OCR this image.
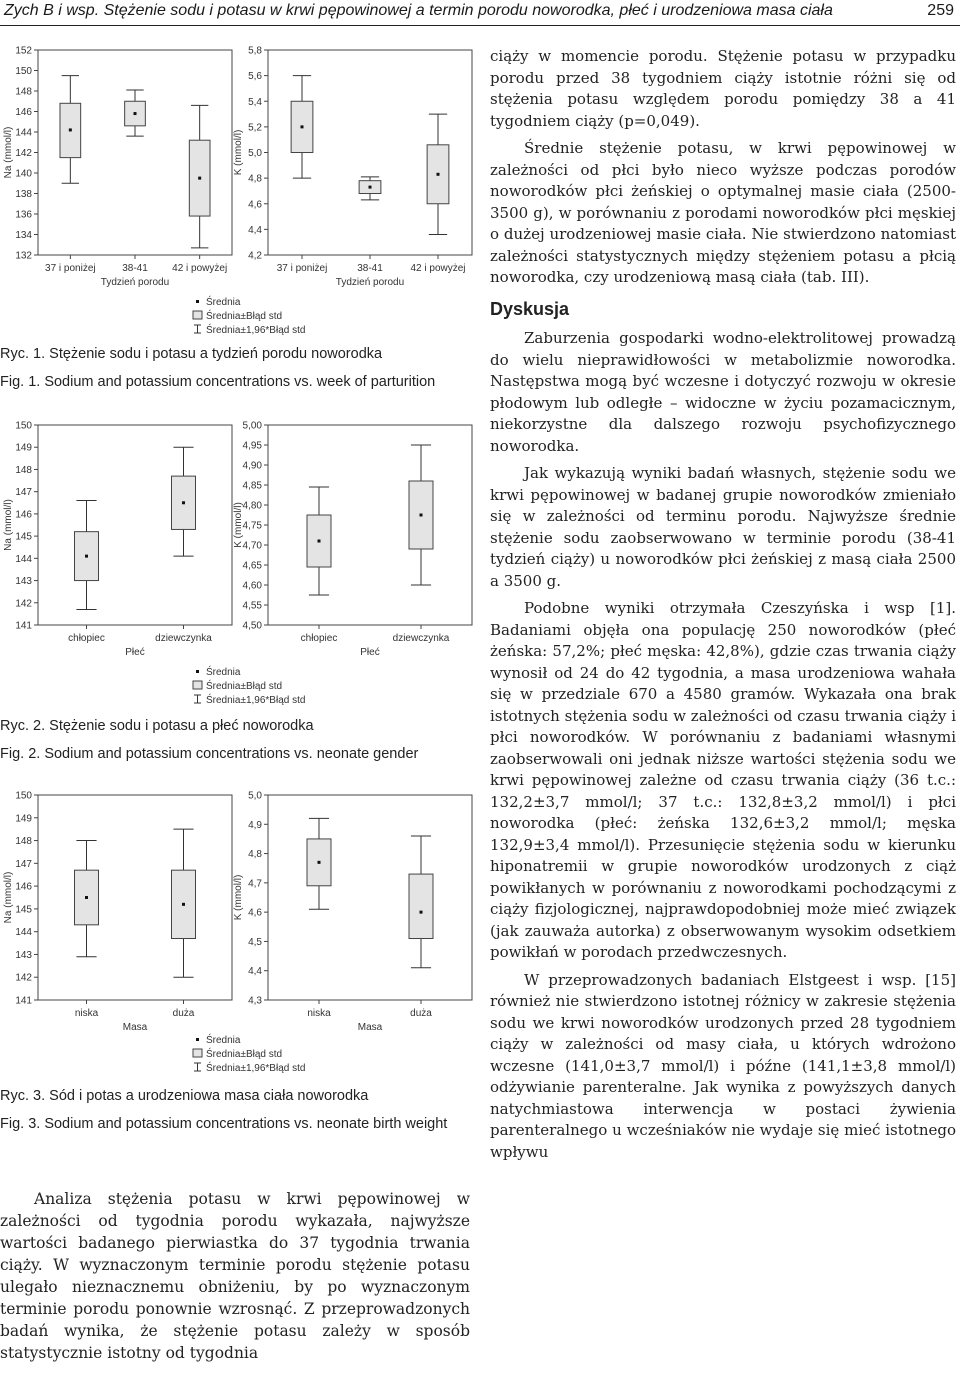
Zych B i wsp. Stężenie sodu i potasu w krwi pępowinowej a termin porodu noworodka, płeć i urodzeniowa masa ciała	259
152
150
148
146
144
142
140
138
136
134
132
Na (mmol/l)
37 i poniżej	38-41 42 i powyżej
Tydzień porodu
5,8
5,6
5,4
5,2
5,0
4,8
4,6
4,4
4,2
K (mmol/l)
37 i poniżej	38-41	42 i powyżej
Tydzień porodu
Średnia
Średnia±Błąd std
Średnia±1,96*Błąd std
Ryc. 1. Stężenie sodu i potasu a tydzień porodu noworodka
Fig. 1. Sodium and potassium concentrations vs. week of parturition
150
149
148
147
146
145
144
143
142
141
Na (mmol/l)
chłopiec	dziewczynka
Płeć
5,00
4,95
4,90
4,85
4,80
4,75
4,70
4,65
4,60
4,55
4,50
K (mmol/l)
chłopiec	dziewczynka
Płeć
Średnia
Średnia±Błąd std
Średnia±1,96*Błąd std
Ryc. 2. Stężenie sodu i potasu a płeć noworodka
Fig. 2. Sodium and potassium concentrations vs. neonate gender
150
149
148
147
146
145
144
143
142
141
Na (mmol/l)
niska	duża
Masa
5,0
4,9
4,8
4,7
4,6
4,5
4,4
4,3
K (mmol/l)
niska	duża
Masa
Średnia
Średnia±Błąd std
Średnia±1,96*Błąd std
Ryc. 3. Sód i potas a urodzeniowa masa ciała noworodka
Fig. 3. Sodium and potassium concentrations vs. neonate birth weight

Analiza stężenia potasu w krwi pępowinowej w zależności od tygodnia porodu wykazała, najwyższe wartości badanego pierwiastka do 37 tygodnia trwania ciąży. W wyznaczonym terminie porodu stężenie potasu ulegało nieznacznemu obniżeniu, by po wyznaczonym terminie porodu ponownie wzrosnąć. Z przeprowadzonych badań wynika, że stężenie potasu zależy w sposób statystycznie istotny od tygodnia

ciąży w momencie porodu. Stężenie potasu w przypadku porodu przed 38 tygodniem ciąży istotnie różni się od stężenia potasu względem porodu pomiędzy 38 a 41 tygodniem ciąży (p=0,049).

Średnie stężenie potasu, w krwi pępowinowej w zależności od płci było nieco wyższe podczas porodów noworodków płci żeńskiej o optymalnej masie ciała (2500-3500 g), w porównaniu z porodami noworodków płci męskiej o dużej urodzeniowej masie ciała. Nie stwierdzono natomiast zależności statystycznych między stężeniem potasu a płcią noworodka, czy urodzeniową masą ciała (tab. III).

Dyskusja

Zaburzenia gospodarki wodno-elektrolitowej prowadzą do wielu nieprawidłowości w metabolizmie noworodka. Następstwa mogą być wczesne i dotyczyć rozwoju w okresie płodowym lub odległe – widoczne w życiu pozamacicznym, niekorzystne dla dalszego rozwoju psychofizycznego noworodka.

Jak wykazują wyniki badań własnych, stężenie sodu we krwi pępowinowej w badanej grupie noworodków zmieniało się w zależności od terminu porodu. Najwyższe średnie stężenie sodu zaobserwowano w terminie porodu (38-41 tydzień ciąży) u noworodków płci żeńskiej z masą ciała 2500 a 3500 g.

Podobne wyniki otrzymała Czeszyńska i wsp [1]. Badaniami objęła ona populację 250 noworodków (płeć żeńska: 57,2%; płeć męska: 42,8%), gdzie czas trwania ciąży wynosił od 24 do 42 tygodnia, a masa urodzeniowa wahała się w przedziale 670 a 4580 gramów. Wykazała ona brak istotnych stężenia sodu w zależności od czasu trwania ciąży i płci noworodków. W porównaniu z badaniami własnymi zaobserwowali oni jednak niższe wartości stężenia sodu we krwi pępowinowej zależne od czasu trwania ciąży (36 t.c.: 132,2±3,7 mmol/l; 37 t.c.: 132,8±3,2 mmol/l) i płci noworodka (płeć: żeńska 132,6±3,2 mmol/l; męska 132,9±3,4 mmol/l). Przesunięcie stężenia sodu w kierunku hiponatremii w grupie noworodków urodzonych z ciąż powikłanych w porównaniu z noworodkami pochodzącymi z ciąży fizjologicznej, najprawdopodobniej może mieć związek (jak zauważa autorka) z obserwowanym wysokim odsetkiem powikłań w porodach przedwczesnych.

W przeprowadzonych badaniach Elstgeest i wsp. [15] również nie stwierdzono istotnej różnicy w zakresie stężenia sodu we krwi noworodków urodzonych przed 28 tygodniem ciąży w zależności od masy ciała, u których wdrożono wczesne (141,0±3,7 mmol/l) i późne (141,1±3,8 mmol/l) odżywianie parenteralne. Jak wynika z powyższych danych natychmiastowa interwencja w postaci żywienia parenteralnego u wcześniaków nie wydaje się mieć istotnego wpływu
